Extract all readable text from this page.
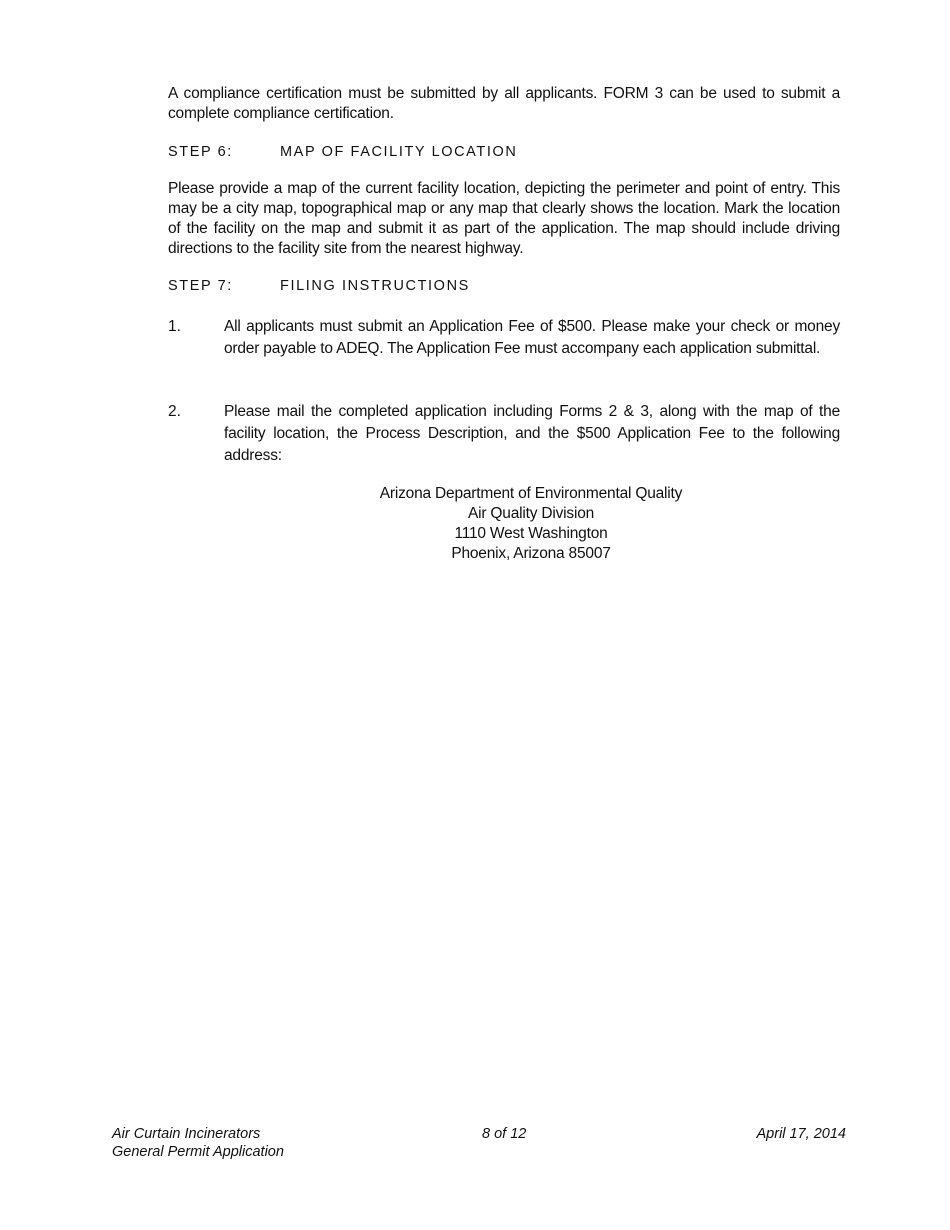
A compliance certification must be submitted by all applicants. FORM 3 can be used to submit a complete compliance certification.
STEP 6:	MAP OF FACILITY LOCATION
Please provide a map of the current facility location, depicting the perimeter and point of entry. This may be a city map, topographical map or any map that clearly shows the location. Mark the location of the facility on the map and submit it as part of the application. The map should include driving directions to the facility site from the nearest highway.
STEP 7:	FILING INSTRUCTIONS
1.	All applicants must submit an Application Fee of $500. Please make your check or money order payable to ADEQ. The Application Fee must accompany each application submittal.
2.	Please mail the completed application including Forms 2 & 3, along with the map of the facility location, the Process Description, and the $500 Application Fee to the following address:
Arizona Department of Environmental Quality
Air Quality Division
1110 West Washington
Phoenix, Arizona 85007
Air Curtain Incinerators
General Permit Application
8 of 12	April 17, 2014
